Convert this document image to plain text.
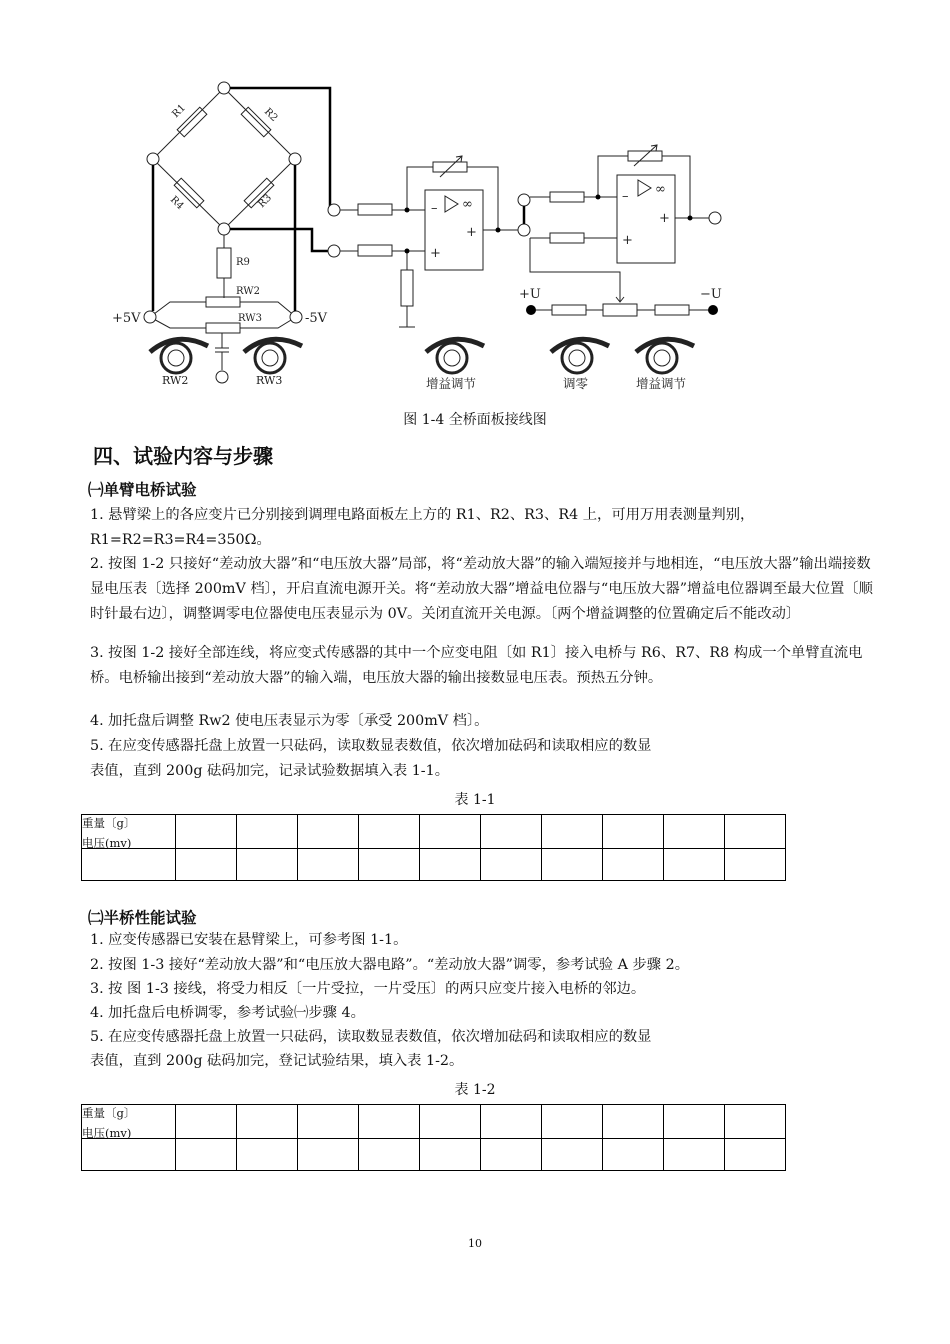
R1	R2
R4	R3
R9
RW2
RW3
+5V	-5V
+U	−U
– ∞
+
+
– ∞
+
+
RW2	RW3	增益调节	调零	增益调节
图 1-4 全桥面板接线图
四、试验内容与步骤
㈠单臂电桥试验
1. 悬臂梁上的各应变片已分别接到调理电路面板左上方的 R1、R2、R3、R4 上，可用万用表测量判别，R1=R2=R3=R4=350Ω。
2. 按图 1-2 只接好“差动放大器”和“电压放大器”局部，将“差动放大器”的输入端短接并与地相连，“电压放大器”输出端接数显电压表〔选择 200mV 档〕，开启直流电源开关。将“差动放大器”增益电位器与“电压放大器”增益电位器调至最大位置〔顺时针最右边〕，调整调零电位器使电压表显示为 0V。关闭直流开关电源。〔两个增益调整的位置确定后不能改动〕
3. 按图 1-2 接好全部连线，将应变式传感器的其中一个应变电阻〔如 R1〕接入电桥与 R6、R7、R8 构成一个单臂直流电桥。电桥输出接到“差动放大器”的输入端，电压放大器的输出接数显电压表。预热五分钟。
4. 加托盘后调整 Rw2 使电压表显示为零〔承受 200mV 档〕。
5. 在应变传感器托盘上放置一只砝码，读取数显表数值，依次增加砝码和读取相应的数显
表值，直到 200g 砝码加完，记录试验数据填入表 1-1。
表 1-1
重量〔g〕										

电压(mv)										

㈡半桥性能试验
1. 应变传感器已安装在悬臂梁上，可参考图 1-1。
2. 按图 1-3 接好“差动放大器”和“电压放大器电路”。“差动放大器”调零，参考试验 A 步骤 2。
3. 按 图 1-3 接线，将受力相反〔一片受拉，一片受压〕的两只应变片接入电桥的邻边。
4. 加托盘后电桥调零，参考试验㈠步骤 4。
5. 在应变传感器托盘上放置一只砝码，读取数显表数值，依次增加砝码和读取相应的数显
表值，直到 200g 砝码加完，登记试验结果，填入表 1-2。
表 1-2
重量〔g〕										

电压(mv)										

10
